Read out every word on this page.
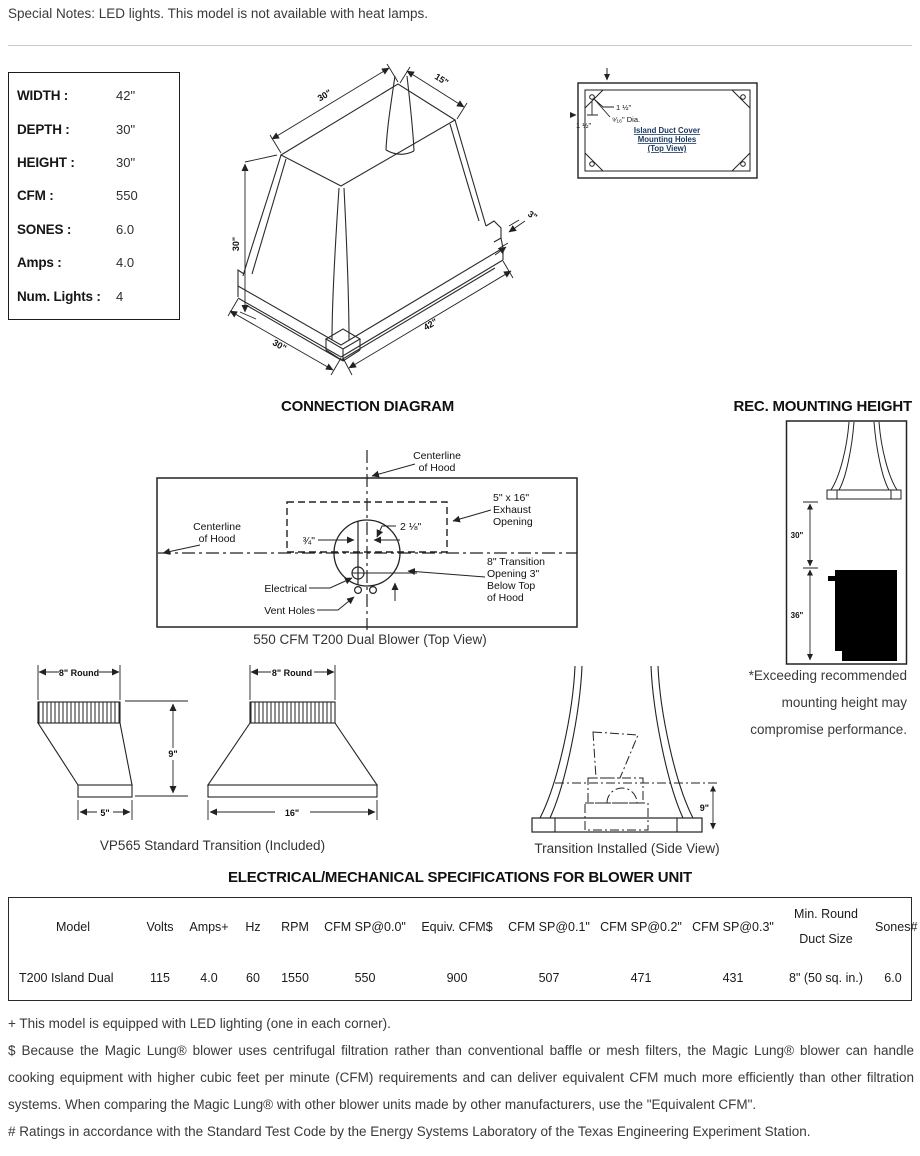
Special Notes: LED lights. This model is not available with heat lamps.
WIDTH :	42"
DEPTH :	30"
HEIGHT :	30"
CFM :	550
SONES :	6.0
Amps :	4.0
Num. Lights :	4
30"
15"
30"
30"
42"
3"
1 ½"
⁹⁄₁₆" Dia.
1 ½"
Island Duct Cover
Mounting Holes
(Top View)
CONNECTION DIAGRAM	REC. MOUNTING HEIGHT
Centerline
of Hood
Centerline
of Hood
5" x 16"
Exhaust
Opening
¾"
2 ⅛"
8" Transition
Opening 3"
Below Top
of Hood
Electrical
Vent Holes
550 CFM T200 Dual Blower (Top View)
30"
36"
*Exceeding recommended
mounting height may
compromise performance.
8" Round	8" Round
9"
5"	16"
VP565 Standard Transition (Included)
9"
Transition Installed (Side View)
ELECTRICAL/MECHANICAL SPECIFICATIONS FOR BLOWER UNIT
Model	Volts	Amps+	Hz	RPM	CFM SP@0.0"	Equiv. CFM$	CFM SP@0.1"	CFM SP@0.2"	CFM SP@0.3"	Min. Round Duct Size	Sones#
T200 Island Dual	115	4.0	60	1550	550	900	507	471	431	8" (50 sq. in.)	6.0
+ This model is equipped with LED lighting (one in each corner).
$ Because the Magic Lung® blower uses centrifugal filtration rather than conventional baffle or mesh filters, the Magic Lung® blower can handle cooking equipment with higher cubic feet per minute (CFM) requirements and can deliver equivalent CFM much more efficiently than other filtration systems. When comparing the Magic Lung® with other blower units made by other manufacturers, use the "Equivalent CFM".
# Ratings in accordance with the Standard Test Code by the Energy Systems Laboratory of the Texas Engineering Experiment Station.
